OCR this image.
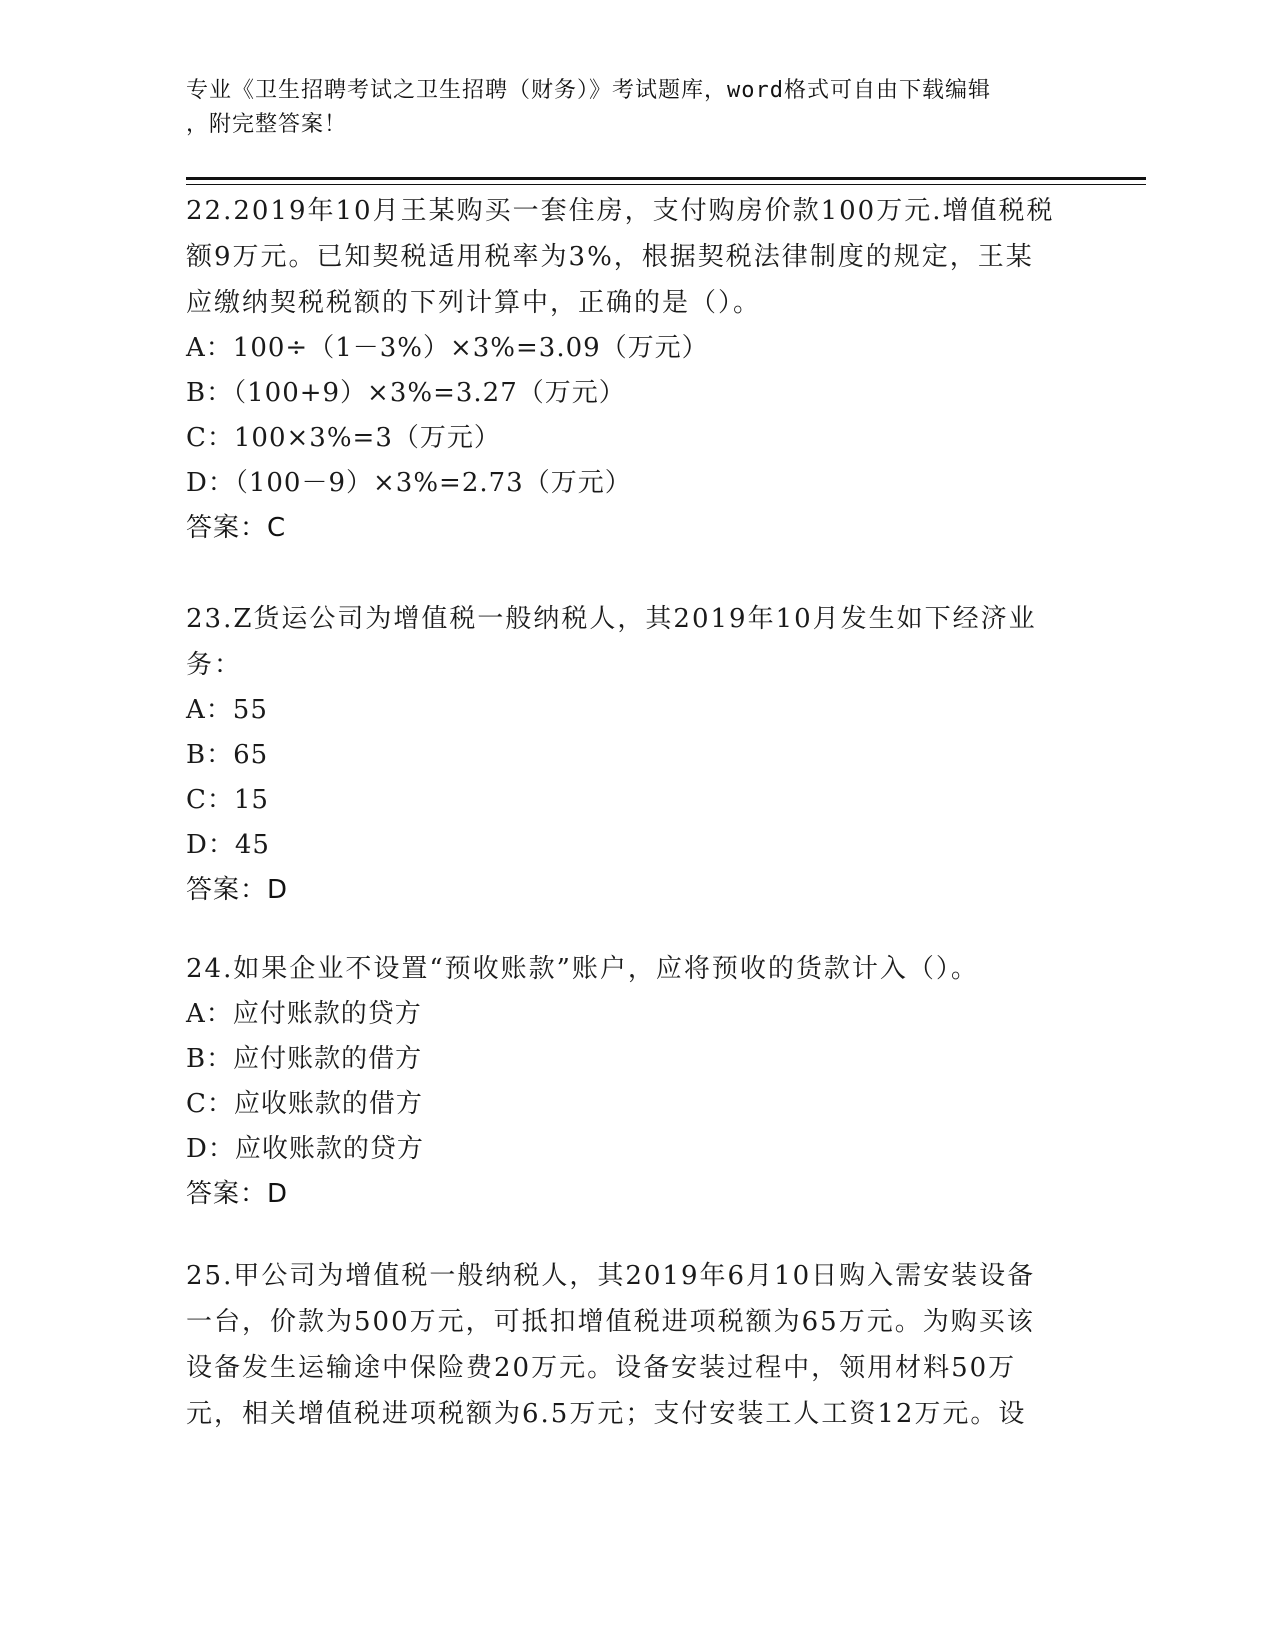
专业《卫生招聘考试之卫生招聘（财务）》考试题库，word格式可自由下载编辑
，附完整答案！
22.2019年10月王某购买一套住房，支付购房价款100万元.增值税税
额9万元。已知契税适用税率为3%，根据契税法律制度的规定，王某
应缴纳契税税额的下列计算中，正确的是（）。
A：100÷（1－3%）×3%=3.09（万元）
B：（100+9）×3%=3.27（万元）
C：100×3%=3（万元）
D：（100－9）×3%=2.73（万元）
答案：C
23.Z货运公司为增值税一般纳税人，其2019年10月发生如下经济业
务：
A：55
B：65
C：15
D：45
答案：D
24.如果企业不设置“预收账款”账户，应将预收的货款计入（）。
A：应付账款的贷方
B：应付账款的借方
C：应收账款的借方
D：应收账款的贷方
答案：D
25.甲公司为增值税一般纳税人，其2019年6月10日购入需安装设备
一台，价款为500万元，可抵扣增值税进项税额为65万元。为购买该
设备发生运输途中保险费20万元。设备安装过程中，领用材料50万
元，相关增值税进项税额为6.5万元；支付安装工人工资12万元。设
